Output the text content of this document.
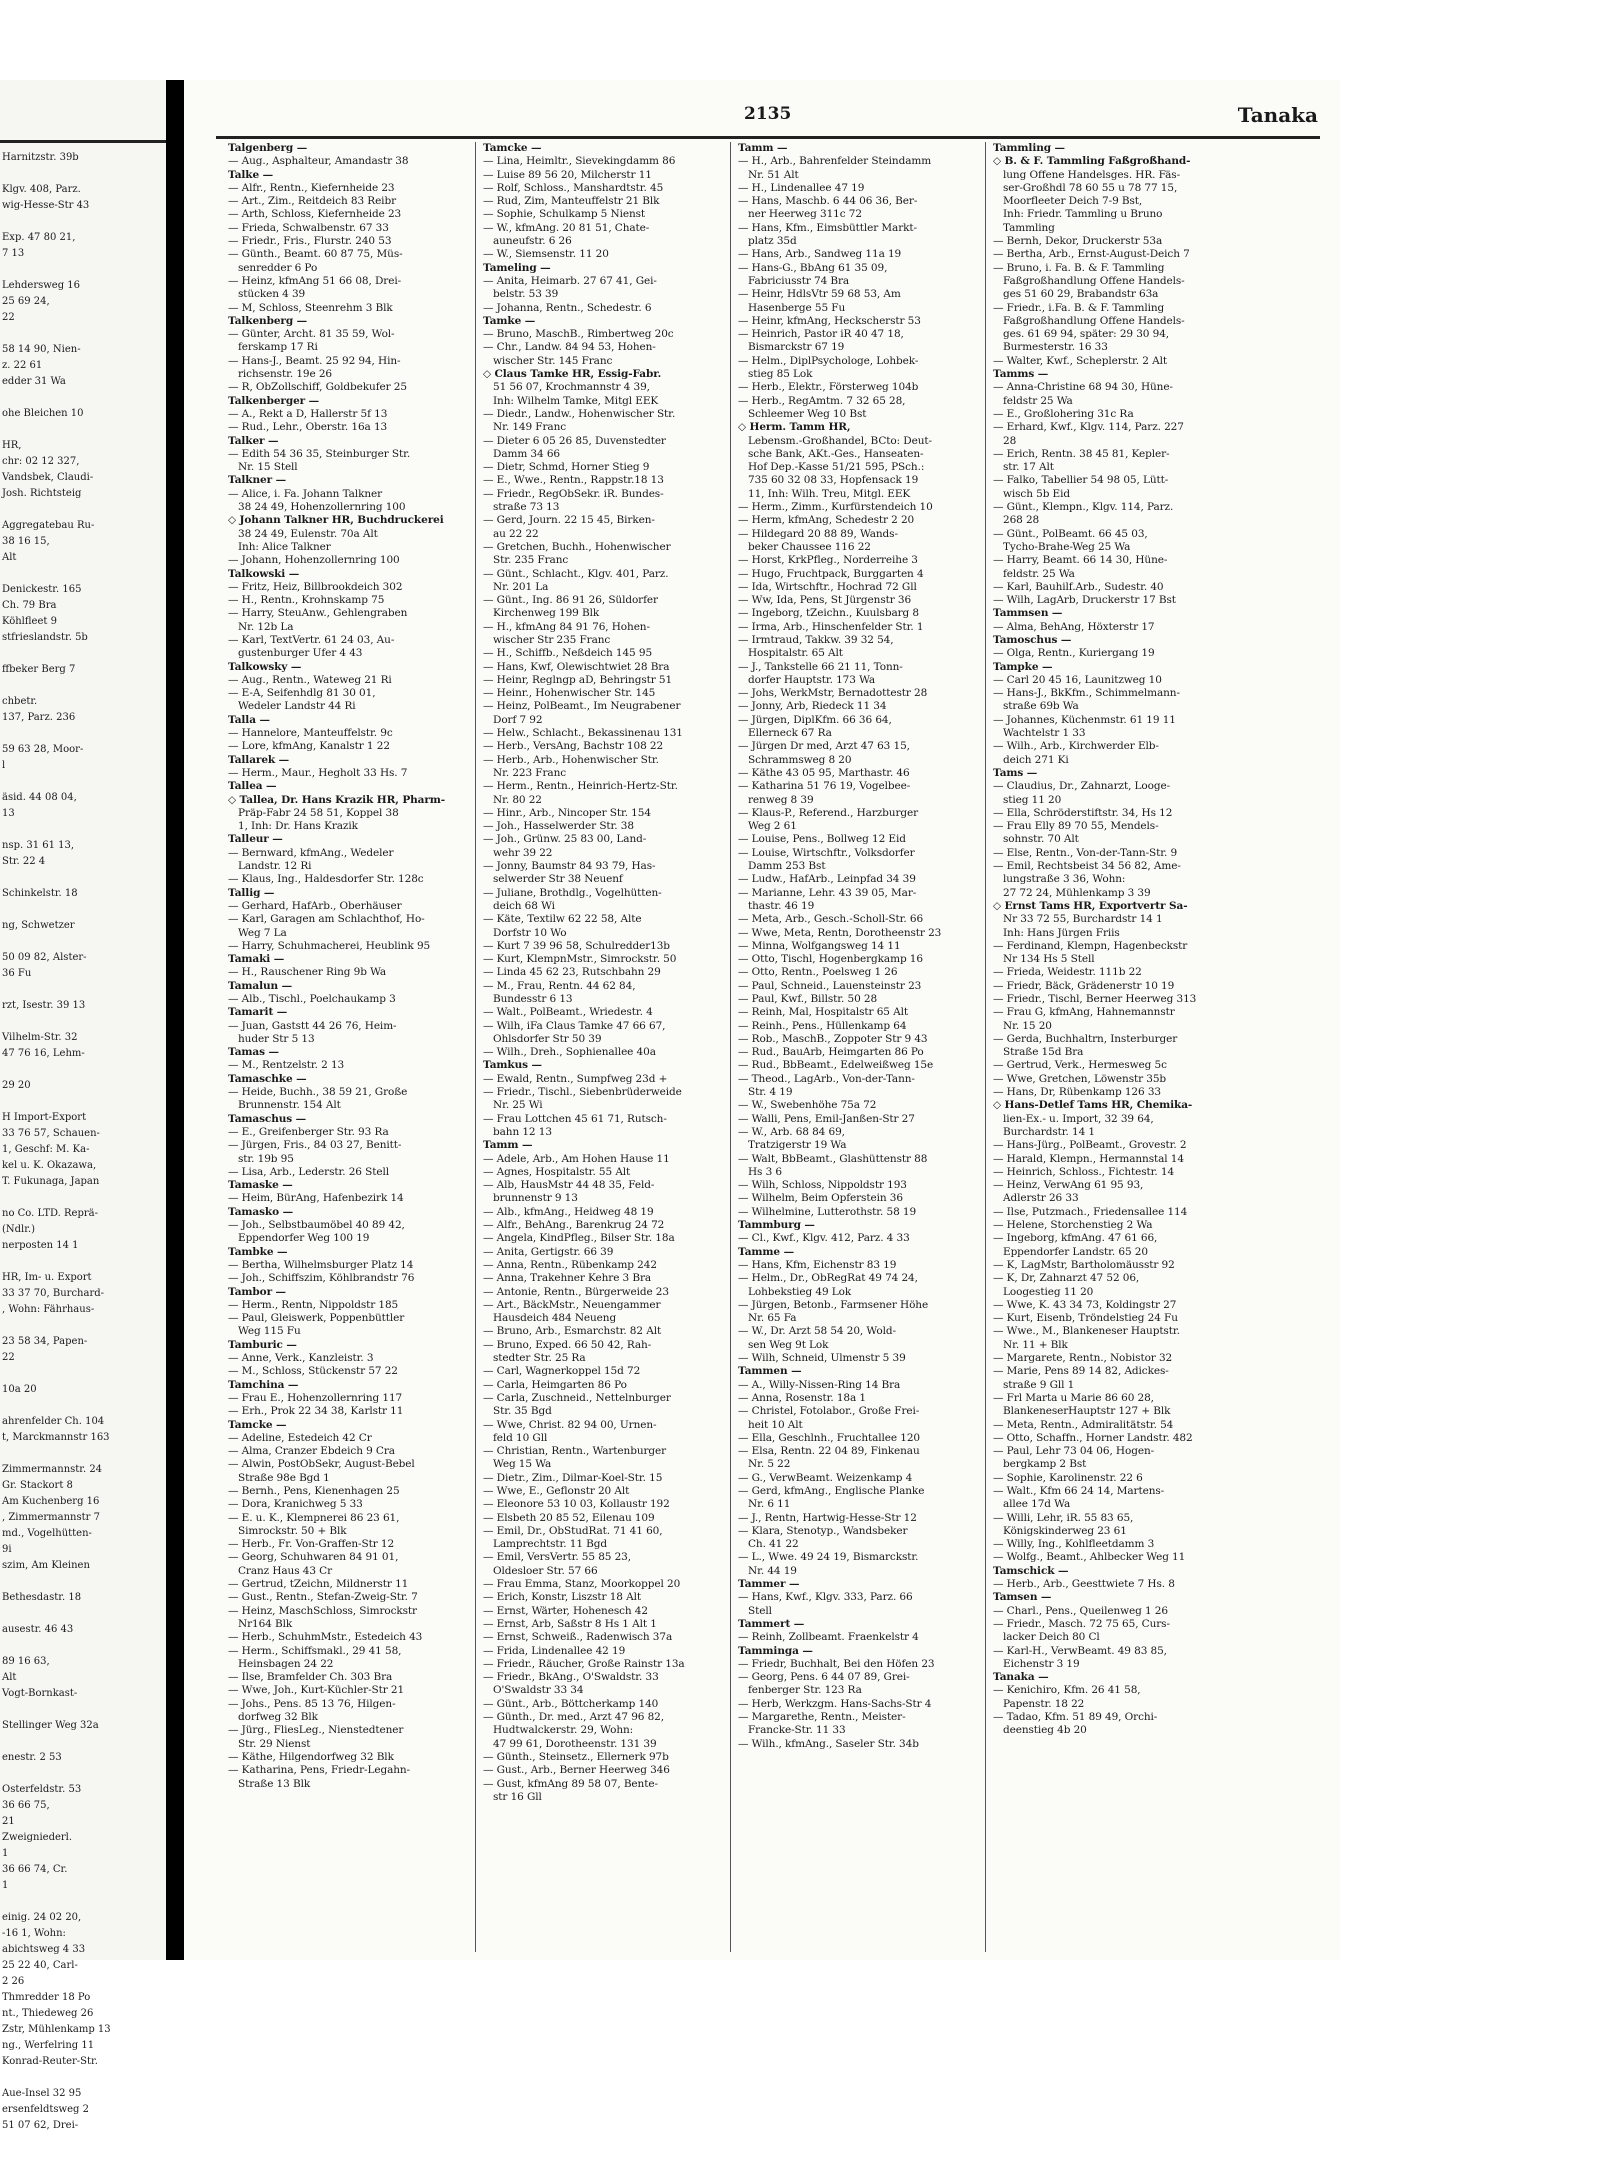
Harnitzstr. 39b

Klgv. 408, Parz.
wig-Hesse-Str 43

Exp. 47 80 21,
7 13

Lehdersweg 16
25 69 24,
22

58 14 90, Nien-
z. 22 61
edder 31 Wa

ohe Bleichen 10

HR,
chr: 02 12 327,
Vandsbek, Claudi-
Josh. Richtsteig

Aggregatebau Ru-
38 16 15,
Alt

Denickestr. 165
Ch. 79 Bra
Köhlfleet 9
stfrieslandstr. 5b

ffbeker Berg 7

chbetr.
137, Parz. 236

59 63 28, Moor-
l

äsid. 44 08 04,
13

nsp. 31 61 13,
Str. 22 4

Schinkelstr. 18

ng, Schwetzer

50 09 82, Alster-
36 Fu

rzt, Isestr. 39 13

Vilhelm-Str. 32
47 76 16, Lehm-

29 20

H Import-Export
33 76 57, Schauen-
1, Geschf: M. Ka-
kel u. K. Okazawa,
T. Fukunaga, Japan

no Co. LTD. Reprä-
(Ndlr.)
nerposten 14 1

HR, Im- u. Export
33 37 70, Burchard-
, Wohn: Fährhaus-

23 58 34, Papen-
22

10a 20

ahrenfelder Ch. 104
t, Marckmannstr 163

Zimmermannstr. 24
Gr. Stackort 8
Am Kuchenberg 16
, Zimmermannstr 7
md., Vogelhütten-
9i
szim, Am Kleinen

Bethesdastr. 18

ausestr. 46 43

89 16 63,
Alt
Vogt-Bornkast-

Stellinger Weg 32a

enestr. 2 53

Osterfeldstr. 53
36 66 75,
21
Zweigniederl.
1
36 66 74, Cr.
1

einig. 24 02 20,
-16 1, Wohn:
abichtsweg 4 33
25 22 40, Carl-
2 26
Thmredder 18 Po
nt., Thiedeweg 26
Zstr, Mühlenkamp 13
ng., Werfelring 11
Konrad-Reuter-Str.

Aue-Insel 32 95
ersenfeldtsweg 2
51 07 62, Drei-
2135	Tanaka
Talgenberg —
— Aug., Asphalteur, Amandastr 38
Talke —
— Alfr., Rentn., Kiefernheide 23
— Art., Zim., Reitdeich 83 Reibr
— Arth, Schloss, Kiefernheide 23
— Frieda, Schwalbenstr. 67 33
— Friedr., Fris., Flurstr. 240 53
— Günth., Beamt. 60 87 75, Müs-
senredder 6 Po
— Heinz, kfmAng 51 66 08, Drei-
stücken 4 39
— M, Schloss, Steenrehm 3 Blk
Talkenberg —
— Günter, Archt. 81 35 59, Wol-
ferskamp 17 Ri
— Hans-J., Beamt. 25 92 94, Hin-
richsenstr. 19e 26
— R, ObZollschiff, Goldbekufer 25
Talkenberger —
— A., Rekt a D, Hallerstr 5f 13
— Rud., Lehr., Oberstr. 16a 13
Talker —
— Edith 54 36 35, Steinburger Str.
Nr. 15 Stell
Talkner —
— Alice, i. Fa. Johann Talkner
38 24 49, Hohenzollernring 100
◇ Johann Talkner HR, Buchdruckerei
38 24 49, Eulenstr. 70a Alt
Inh: Alice Talkner
— Johann, Hohenzollernring 100
Talkowski —
— Fritz, Heiz, Billbrookdeich 302
— H., Rentn., Krohnskamp 75
— Harry, SteuAnw., Gehlengraben
Nr. 12b La
— Karl, TextVertr. 61 24 03, Au-
gustenburger Ufer 4 43
Talkowsky —
— Aug., Rentn., Wateweg 21 Ri
— E-A, Seifenhdlg 81 30 01,
Wedeler Landstr 44 Ri
Talla —
— Hannelore, Manteuffelstr. 9c
— Lore, kfmAng, Kanalstr 1 22
Tallarek —
— Herm., Maur., Hegholt 33 Hs. 7
Tallea —
◇ Tallea, Dr. Hans Krazik HR, Pharm-
Präp-Fabr 24 58 51, Koppel 38
1, Inh: Dr. Hans Krazik
Talleur —
— Bernward, kfmAng., Wedeler
Landstr. 12 Ri
— Klaus, Ing., Haldesdorfer Str. 128c
Tallig —
— Gerhard, HafArb., Oberhäuser
— Karl, Garagen am Schlachthof, Ho-
Weg 7 La
— Harry, Schuhmacherei, Heublink 95
Tamaki —
— H., Rauschener Ring 9b Wa
Tamalun —
— Alb., Tischl., Poelchaukamp 3
Tamarit —
— Juan, Gaststt 44 26 76, Heim-
huder Str 5 13
Tamas —
— M., Rentzelstr. 2 13
Tamaschke —
— Heide, Buchh., 38 59 21, Große
Brunnenstr. 154 Alt
Tamaschus —
— E., Greifenberger Str. 93 Ra
— Jürgen, Fris., 84 03 27, Benitt-
str. 19b 95
— Lisa, Arb., Lederstr. 26 Stell
Tamaske —
— Heim, BürAng, Hafenbezirk 14
Tamasko —
— Joh., Selbstbaumöbel 40 89 42,
Eppendorfer Weg 100 19
Tambke —
— Bertha, Wilhelmsburger Platz 14
— Joh., Schiffszim, Köhlbrandstr 76
Tambor —
— Herm., Rentn, Nippoldstr 185
— Paul, Gleiswerk, Poppenbüttler
Weg 115 Fu
Tamburic —
— Anne, Verk., Kanzleistr. 3
— M., Schloss, Stückenstr 57 22
Tamchina —
— Frau E., Hohenzollernring 117
— Erh., Prok 22 34 38, Karlstr 11
Tamcke —
— Adeline, Estedeich 42 Cr
— Alma, Cranzer Ebdeich 9 Cra
— Alwin, PostObSekr, August-Bebel
Straße 98e Bgd 1
— Bernh., Pens, Kienenhagen 25
— Dora, Kranichweg 5 33
— E. u. K., Klempnerei 86 23 61,
Simrockstr. 50 + Blk
— Herb., Fr. Von-Graffen-Str 12
— Georg, Schuhwaren 84 91 01,
Cranz Haus 43 Cr
— Gertrud, tZeichn, Mildnerstr 11
— Gust., Rentn., Stefan-Zweig-Str. 7
— Heinz, MaschSchloss, Simrockstr
Nr164 Blk
— Herb., SchuhmMstr., Estedeich 43
— Herm., Schiffsmakl., 29 41 58,
Heinsbagen 24 22
— Ilse, Bramfelder Ch. 303 Bra
— Wwe, Joh., Kurt-Küchler-Str 21
— Johs., Pens. 85 13 76, Hilgen-
dorfweg 32 Blk
— Jürg., FliesLeg., Nienstedtener
Str. 29 Nienst
— Käthe, Hilgendorfweg 32 Blk
— Katharina, Pens, Friedr-Legahn-
Straße 13 Blk
Tamcke —
— Lina, Heimltr., Sievekingdamm 86
— Luise 89 56 20, Milcherstr 11
— Rolf, Schloss., Manshardtstr. 45
— Rud, Zim, Manteuffelstr 21 Blk
— Sophie, Schulkamp 5 Nienst
— W., kfmAng. 20 81 51, Chate-
auneufstr. 6 26
— W., Siemsenstr. 11 20
Tameling —
— Anita, Heimarb. 27 67 41, Gei-
belstr. 53 39
— Johanna, Rentn., Schedestr. 6
Tamke —
— Bruno, MaschB., Rimbertweg 20c
— Chr., Landw. 84 94 53, Hohen-
wischer Str. 145 Franc
◇ Claus Tamke HR, Essig-Fabr.
51 56 07, Krochmannstr 4 39,
Inh: Wilhelm Tamke, Mitgl EEK
— Diedr., Landw., Hohenwischer Str.
Nr. 149 Franc
— Dieter 6 05 26 85, Duvenstedter
Damm 34 66
— Dietr, Schmd, Horner Stieg 9
— E., Wwe., Rentn., Rappstr.18 13
— Friedr., RegObSekr. iR. Bundes-
straße 73 13
— Gerd, Journ. 22 15 45, Birken-
au 22 22
— Gretchen, Buchh., Hohenwischer
Str. 235 Franc
— Günt., Schlacht., Klgv. 401, Parz.
Nr. 201 La
— Günt., Ing. 86 91 26, Süldorfer
Kirchenweg 199 Blk
— H., kfmAng 84 91 76, Hohen-
wischer Str 235 Franc
— H., Schiffb., Neßdeich 145 95
— Hans, Kwf, Olewischtwiet 28 Bra
— Heinr, Reglngp aD, Behringstr 51
— Heinr., Hohenwischer Str. 145
— Heinz, PolBeamt., Im Neugrabener
Dorf 7 92
— Helw., Schlacht., Bekassinenau 131
— Herb., VersAng, Bachstr 108 22
— Herb., Arb., Hohenwischer Str.
Nr. 223 Franc
— Herm., Rentn., Heinrich-Hertz-Str.
Nr. 80 22
— Hinr., Arb., Nincoper Str. 154
— Joh., Hasselwerder Str. 38
— Joh., Grünw. 25 83 00, Land-
wehr 39 22
— Jonny, Baumstr 84 93 79, Has-
selwerder Str 38 Neuenf
— Juliane, Brothdlg., Vogelhütten-
deich 68 Wi
— Käte, Textilw 62 22 58, Alte
Dorfstr 10 Wo
— Kurt 7 39 96 58, Schulredder13b
— Kurt, KlempnMstr., Simrockstr. 50
— Linda 45 62 23, Rutschbahn 29
— M., Frau, Rentn. 44 62 84,
Bundesstr 6 13
— Walt., PolBeamt., Wriedestr. 4
— Wilh, iFa Claus Tamke 47 66 67,
Ohlsdorfer Str 50 39
— Wilh., Dreh., Sophienallee 40a
Tamkus —
— Ewald, Rentn., Sumpfweg 23d +
— Friedr., Tischl., Siebenbrüderweide
Nr. 25 Wi
— Frau Lottchen 45 61 71, Rutsch-
bahn 12 13
Tamm —
— Adele, Arb., Am Hohen Hause 11
— Agnes, Hospitalstr. 55 Alt
— Alb, HausMstr 44 48 35, Feld-
brunnenstr 9 13
— Alb., kfmAng., Heidweg 48 19
— Alfr., BehAng., Barenkrug 24 72
— Angela, KindPfleg., Bilser Str. 18a
— Anita, Gertigstr. 66 39
— Anna, Rentn., Rübenkamp 242
— Anna, Trakehner Kehre 3 Bra
— Antonie, Rentn., Bürgerweide 23
— Art., BäckMstr., Neuengammer
Hausdeich 484 Neueng
— Bruno, Arb., Esmarchstr. 82 Alt
— Bruno, Exped. 66 50 42, Rah-
stedter Str. 25 Ra
— Carl, Wagnerkoppel 15d 72
— Carla, Heimgarten 86 Po
— Carla, Zuschneid., Nettelnburger
Str. 35 Bgd
— Wwe, Christ. 82 94 00, Urnen-
feld 10 Gll
— Christian, Rentn., Wartenburger
Weg 15 Wa
— Dietr., Zim., Dilmar-Koel-Str. 15
— Wwe, E., Geflonstr 20 Alt
— Eleonore 53 10 03, Kollaustr 192
— Elsbeth 20 85 52, Eilenau 109
— Emil, Dr., ObStudRat. 71 41 60,
Lamprechtstr. 11 Bgd
— Emil, VersVertr. 55 85 23,
Oldesloer Str. 57 66
— Frau Emma, Stanz, Moorkoppel 20
— Erich, Konstr, Liszstr 18 Alt
— Ernst, Wärter, Hohenesch 42
— Ernst, Arb, Saßstr 8 Hs 1 Alt 1
— Ernst, Schweiß., Radenwisch 37a
— Frida, Lindenallee 42 19
— Friedr., Räucher, Große Rainstr 13a
— Friedr., BkAng., O'Swaldstr. 33
O'Swaldstr 33 34
— Günt., Arb., Böttcherkamp 140
— Günth., Dr. med., Arzt 47 96 82,
Hudtwalckerstr. 29, Wohn:
47 99 61, Dorotheenstr. 131 39
— Günth., Steinsetz., Ellernerk 97b
— Gust., Arb., Berner Heerweg 346
— Gust, kfmAng 89 58 07, Bente-
str 16 Gll
Tamm —
— H., Arb., Bahrenfelder Steindamm
Nr. 51 Alt
— H., Lindenallee 47 19
— Hans, Maschb. 6 44 06 36, Ber-
ner Heerweg 311c 72
— Hans, Kfm., Eimsbüttler Markt-
platz 35d
— Hans, Arb., Sandweg 11a 19
— Hans-G., BbAng 61 35 09,
Fabriciusstr 74 Bra
— Heinr, HdlsVtr 59 68 53, Am
Hasenberge 55 Fu
— Heinr, kfmAng, Heckscherstr 53
— Heinrich, Pastor iR 40 47 18,
Bismarckstr 67 19
— Helm., DiplPsychologe, Lohbek-
stieg 85 Lok
— Herb., Elektr., Försterweg 104b
— Herb., RegAmtm. 7 32 65 28,
Schleemer Weg 10 Bst
◇ Herm. Tamm HR,
Lebensm.-Großhandel, BCto: Deut-
sche Bank, AKt.-Ges., Hanseaten-
Hof Dep.-Kasse 51/21 595, PSch.:
735 60 32 08 33, Hopfensack 19
11, Inh: Wilh. Treu, Mitgl. EEK
— Herm., Zimm., Kurfürstendeich 10
— Herm, kfmAng, Schedestr 2 20
— Hildegard 20 88 89, Wands-
beker Chaussee 116 22
— Horst, KrkPfleg., Norderreihe 3
— Hugo, Fruchtpack, Burggarten 4
— Ida, Wirtschftr., Hochrad 72 Gll
— Ww, Ida, Pens, St Jürgenstr 36
— Ingeborg, tZeichn., Kuulsbarg 8
— Irma, Arb., Hinschenfelder Str. 1
— Irmtraud, Takkw. 39 32 54,
Hospitalstr. 65 Alt
— J., Tankstelle 66 21 11, Tonn-
dorfer Hauptstr. 173 Wa
— Johs, WerkMstr, Bernadottestr 28
— Jonny, Arb, Riedeck 11 34
— Jürgen, DiplKfm. 66 36 64,
Ellerneck 67 Ra
— Jürgen Dr med, Arzt 47 63 15,
Schrammsweg 8 20
— Käthe 43 05 95, Marthastr. 46
— Katharina 51 76 19, Vogelbee-
renweg 8 39
— Klaus-P., Referend., Harzburger
Weg 2 61
— Louise, Pens., Bollweg 12 Eid
— Louise, Wirtschftr., Volksdorfer
Damm 253 Bst
— Ludw., HafArb., Leinpfad 34 39
— Marianne, Lehr. 43 39 05, Mar-
thastr. 46 19
— Meta, Arb., Gesch.-Scholl-Str. 66
— Wwe, Meta, Rentn, Dorotheenstr 23
— Minna, Wolfgangsweg 14 11
— Otto, Tischl, Hogenbergkamp 16
— Otto, Rentn., Poelsweg 1 26
— Paul, Schneid., Lauensteinstr 23
— Paul, Kwf., Billstr. 50 28
— Reinh, Mal, Hospitalstr 65 Alt
— Reinh., Pens., Hüllenkamp 64
— Rob., MaschB., Zoppoter Str 9 43
— Rud., BauArb, Heimgarten 86 Po
— Rud., BbBeamt., Edelweißweg 15e
— Theod., LagArb., Von-der-Tann-
Str. 4 19
— W., Swebenhöhe 75a 72
— Walli, Pens, Emil-Janßen-Str 27
— W., Arb. 68 84 69,
Tratzigerstr 19 Wa
— Walt, BbBeamt., Glashüttenstr 88
Hs 3 6
— Wilh, Schloss, Nippoldstr 193
— Wilhelm, Beim Opferstein 36
— Wilhelmine, Lutterothstr. 58 19
Tammburg —
— Cl., Kwf., Klgv. 412, Parz. 4 33
Tamme —
— Hans, Kfm, Eichenstr 83 19
— Helm., Dr., ObRegRat 49 74 24,
Lohbekstieg 49 Lok
— Jürgen, Betonb., Farmsener Höhe
Nr. 65 Fa
— W., Dr. Arzt 58 54 20, Wold-
sen Weg 9t Lok
— Wilh, Schneid, Ulmenstr 5 39
Tammen —
— A., Willy-Nissen-Ring 14 Bra
— Anna, Rosenstr. 18a 1
— Christel, Fotolabor., Große Frei-
heit 10 Alt
— Ella, Geschlnh., Fruchtallee 120
— Elsa, Rentn. 22 04 89, Finkenau
Nr. 5 22
— G., VerwBeamt. Weizenkamp 4
— Gerd, kfmAng., Englische Planke
Nr. 6 11
— J., Rentn, Hartwig-Hesse-Str 12
— Klara, Stenotyp., Wandsbeker
Ch. 41 22
— L., Wwe. 49 24 19, Bismarckstr.
Nr. 44 19
Tammer —
— Hans, Kwf., Klgv. 333, Parz. 66
Stell
Tammert —
— Reinh, Zollbeamt. Fraenkelstr 4
Tamminga —
— Friedr, Buchhalt, Bei den Höfen 23
— Georg, Pens. 6 44 07 89, Grei-
fenberger Str. 123 Ra
— Herb, Werkzgm. Hans-Sachs-Str 4
— Margarethe, Rentn., Meister-
Francke-Str. 11 33
— Wilh., kfmAng., Saseler Str. 34b
Tammling —
◇ B. & F. Tammling Faßgroßhand-
lung Offene Handelsges. HR. Fäs-
ser-Großhdl 78 60 55 u 78 77 15,
Moorfleeter Deich 7-9 Bst,
Inh: Friedr. Tammling u Bruno
Tammling
— Bernh, Dekor, Druckerstr 53a
— Bertha, Arb., Ernst-August-Deich 7
— Bruno, i. Fa. B. & F. Tammling
Faßgroßhandlung Offene Handels-
ges 51 60 29, Brabandstr 63a
— Friedr., i.Fa. B. & F. Tammling
Faßgroßhandlung Offene Handels-
ges. 61 69 94, später: 29 30 94,
Burmesterstr. 16 33
— Walter, Kwf., Scheplerstr. 2 Alt
Tamms —
— Anna-Christine 68 94 30, Hüne-
feldstr 25 Wa
— E., Großlohering 31c Ra
— Erhard, Kwf., Klgv. 114, Parz. 227
28
— Erich, Rentn. 38 45 81, Kepler-
str. 17 Alt
— Falko, Tabellier 54 98 05, Lütt-
wisch 5b Eid
— Günt., Klempn., Klgv. 114, Parz.
268 28
— Günt., PolBeamt. 66 45 03,
Tycho-Brahe-Weg 25 Wa
— Harry, Beamt. 66 14 30, Hüne-
feldstr. 25 Wa
— Karl, Bauhilf.Arb., Sudestr. 40
— Wilh, LagArb, Druckerstr 17 Bst
Tammsen —
— Alma, BehAng, Höxterstr 17
Tamoschus —
— Olga, Rentn., Kuriergang 19
Tampke —
— Carl 20 45 16, Launitzweg 10
— Hans-J., BkKfm., Schimmelmann-
straße 69b Wa
— Johannes, Küchenmstr. 61 19 11
Wachtelstr 1 33
— Wilh., Arb., Kirchwerder Elb-
deich 271 Ki
Tams —
— Claudius, Dr., Zahnarzt, Looge-
stieg 11 20
— Ella, Schröderstiftstr. 34, Hs 12
— Frau Elly 89 70 55, Mendels-
sohnstr. 70 Alt
— Else, Rentn., Von-der-Tann-Str. 9
— Emil, Rechtsbeist 34 56 82, Ame-
lungstraße 3 36, Wohn:
27 72 24, Mühlenkamp 3 39
◇ Ernst Tams HR, Exportvertr Sa-
Nr 33 72 55, Burchardstr 14 1
Inh: Hans Jürgen Friis
— Ferdinand, Klempn, Hagenbeckstr
Nr 134 Hs 5 Stell
— Frieda, Weidestr. 111b 22
— Friedr, Bäck, Grädenerstr 10 19
— Friedr., Tischl, Berner Heerweg 313
— Frau G, kfmAng, Hahnemannstr
Nr. 15 20
— Gerda, Buchhaltrn, Insterburger
Straße 15d Bra
— Gertrud, Verk., Hermesweg 5c
— Wwe, Gretchen, Löwenstr 35b
— Hans, Dr, Rübenkamp 126 33
◇ Hans-Detlef Tams HR, Chemika-
lien-Ex.- u. Import, 32 39 64,
Burchardstr. 14 1
— Hans-Jürg., PolBeamt., Grovestr. 2
— Harald, Klempn., Hermannstal 14
— Heinrich, Schloss., Fichtestr. 14
— Heinz, VerwAng 61 95 93,
Adlerstr 26 33
— Ilse, Putzmach., Friedensallee 114
— Helene, Storchenstieg 2 Wa
— Ingeborg, kfmAng. 47 61 66,
Eppendorfer Landstr. 65 20
— K, LagMstr, Bartholomäusstr 92
— K, Dr, Zahnarzt 47 52 06,
Loogestieg 11 20
— Wwe, K. 43 34 73, Koldingstr 27
— Kurt, Eisenb, Tröndelstieg 24 Fu
— Wwe., M., Blankeneser Hauptstr.
Nr. 11 + Blk
— Margarete, Rentn., Nobistor 32
— Marie, Pens 89 14 82, Adickes-
straße 9 Gll 1
— Frl Marta u Marie 86 60 28,
BlankeneserHauptstr 127 + Blk
— Meta, Rentn., Admiralitätstr. 54
— Otto, Schaffn., Horner Landstr. 482
— Paul, Lehr 73 04 06, Hogen-
bergkamp 2 Bst
— Sophie, Karolinenstr. 22 6
— Walt., Kfm 66 24 14, Martens-
allee 17d Wa
— Willi, Lehr, iR. 55 83 65,
Königskinderweg 23 61
— Willy, Ing., Kohlfleetdamm 3
— Wolfg., Beamt., Ahlbecker Weg 11
Tamschick —
— Herb., Arb., Geesttwiete 7 Hs. 8
Tamsen —
— Charl., Pens., Queilenweg 1 26
— Friedr., Masch. 72 75 65, Curs-
lacker Deich 80 Cl
— Karl-H., VerwBeamt. 49 83 85,
Eichenstr 3 19
Tanaka —
— Kenichiro, Kfm. 26 41 58,
Papenstr. 18 22
— Tadao, Kfm. 51 89 49, Orchi-
deenstieg 4b 20
